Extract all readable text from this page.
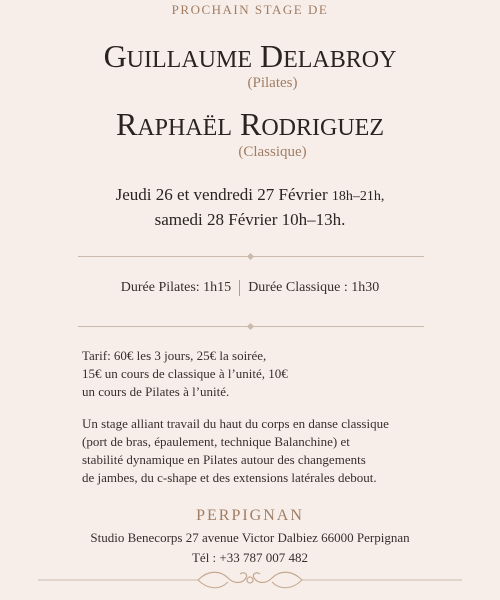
PROCHAIN STAGE DE
GUILLAUME DELABROY
(Pilates)
RAPHAËL RODRIGUEZ
(Classique)
Jeudi 26 et vendredi 27 Février 18h–21h,
samedi 28 Février 10h–13h.
Durée Pilates: 1h15 Durée Classique : 1h30
Tarif: 60€ les 3 jours, 25€ la soirée,
15€ un cours de classique à l’unité, 10€
un cours de Pilates à l’unité.
Un stage alliant travail du haut du corps en danse classique
(port de bras, épaulement, technique Balanchine) et
stabilité dynamique en Pilates autour des changements
de jambes, du c-shape et des extensions latérales debout.
PERPIGNAN
Studio Benecorps 27 avenue Victor Dalbiez 66000 Perpignan
Tél : +33 787 007 482
